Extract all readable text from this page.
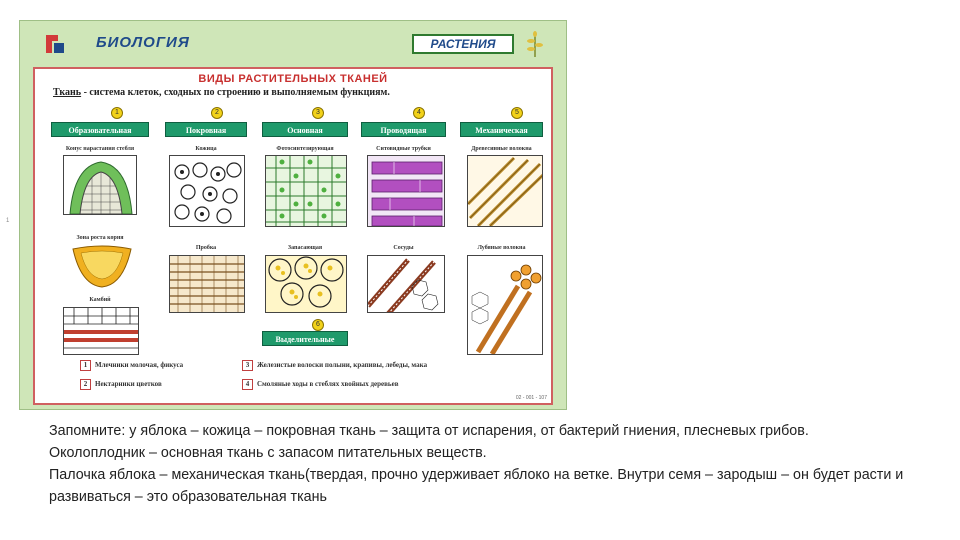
1
БИОЛОГИЯ	РАСТЕНИЯ
ВИДЫ РАСТИТЕЛЬНЫХ ТКАНЕЙ
Ткань - система клеток, сходных по строению и выполняемым функциям.
1	2	3	4	5
6
Образовательная	Покровная	Основная	Проводящая	Механическая
Выделительные
Конус нарастания стебля	Кожица	Фотосинтезирующая	Ситовидные трубки	Древесинные волокна
Зона роста корня
Пробка	Запасающая	Сосуды	Лубяные волокна
Камбий
1 Млечники молочая, фикуса
2 Нектарники цветков
3 Железистые волоски полыни, крапивы, лебеды, мака
4 Смоляные ходы в стеблях хвойных деревьев
02 - 001 - 107

Запомните: у яблока – кожица – покровная ткань – защита от испарения, от бактерий гниения, плесневых грибов.

Околоплодник – основная ткань с запасом питательных веществ.

Палочка яблока – механическая ткань(твердая, прочно удерживает яблоко на ветке. Внутри семя – зародыш – он будет расти и развиваться – это образовательная ткань
